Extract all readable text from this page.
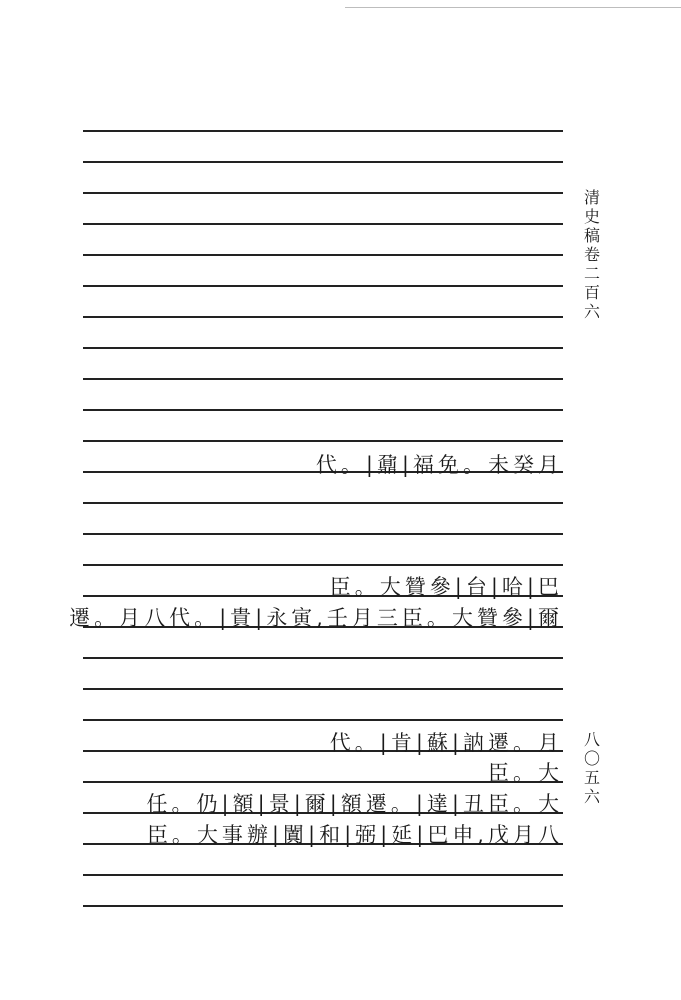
代。|鼐|福免。未癸月
臣。大贊參|台|哈|巴
遷。月八代。|貴|永寅,壬月三臣。大贊參|爾
代。|肯|蘇|訥遷。月
臣。大
任。仍|額|景|爾|額遷。|達|丑臣。大
臣。大事辦|闐|和|弼|延|巴申,戊月八
清
史
稿
卷
二
百
六
八
〇
五
六
